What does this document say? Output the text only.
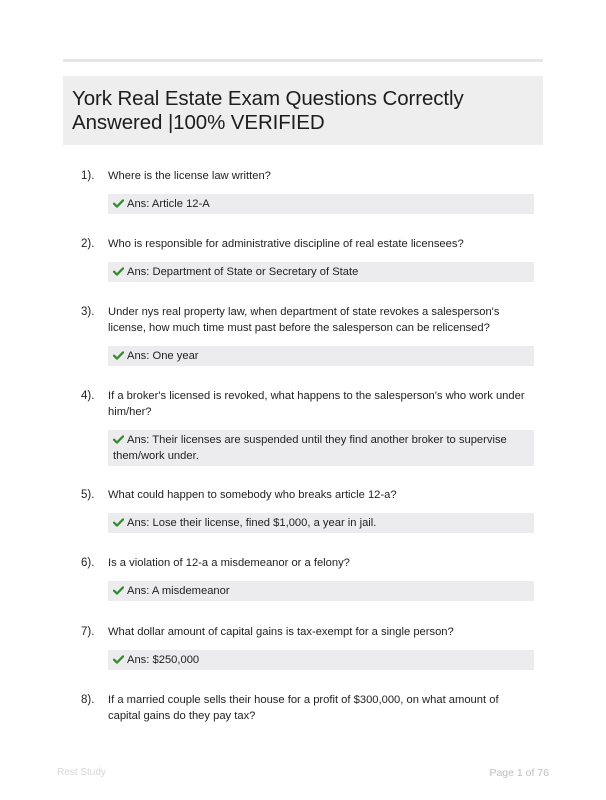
York Real Estate Exam Questions Correctly Answered |100% VERIFIED
1). Where is the license law written?
Ans: Article 12-A
2). Who is responsible for administrative discipline of real estate licensees?
Ans: Department of State or Secretary of State
3). Under nys real property law, when department of state revokes a salesperson's license, how much time must past before the salesperson can be relicensed?
Ans: One year
4). If a broker's licensed is revoked, what happens to the salesperson's who work under him/her?
Ans: Their licenses are suspended until they find another broker to supervise them/work under.
5). What could happen to somebody who breaks article 12-a?
Ans: Lose their license, fined $1,000, a year in jail.
6). Is a violation of 12-a a misdemeanor or a felony?
Ans: A misdemeanor
7). What dollar amount of capital gains is tax-exempt for a single person?
Ans: $250,000
8). If a married couple sells their house for a profit of $300,000, on what amount of capital gains do they pay tax?
Rest Study	Page 1 of 76
